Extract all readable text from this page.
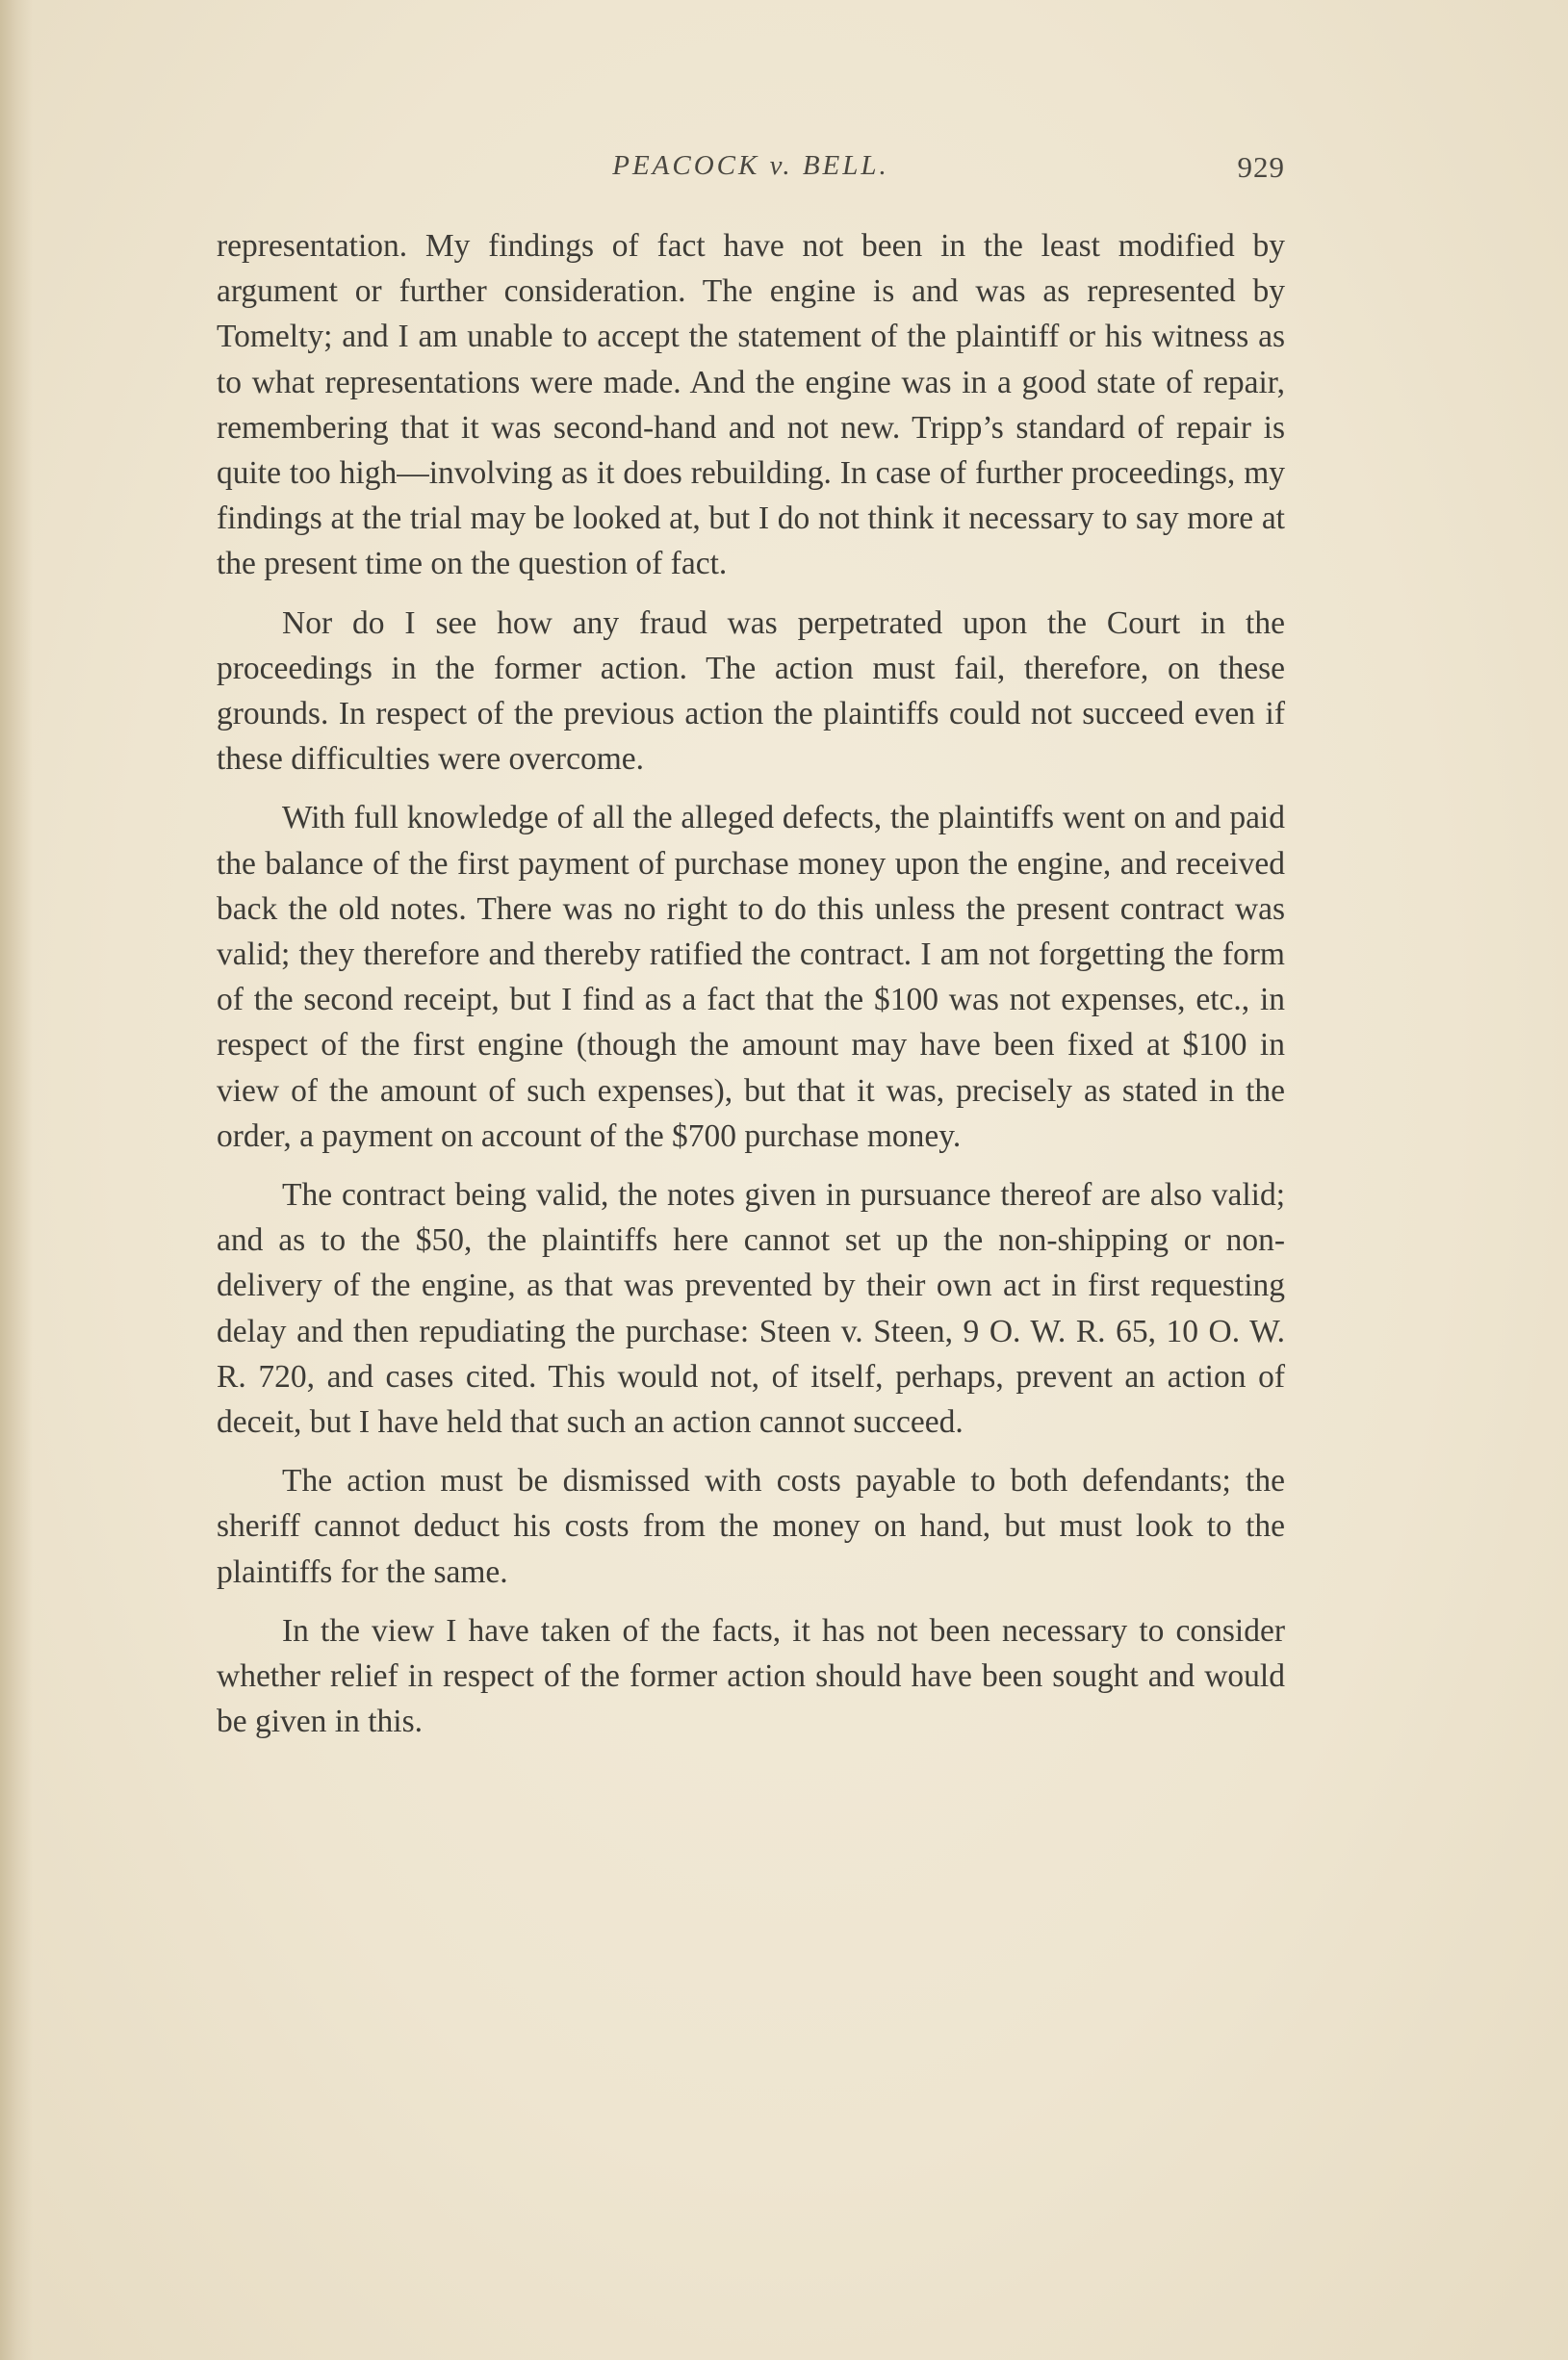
PEACOCK v. BELL.	929

representation. My findings of fact have not been in the least modified by argument or further consideration. The engine is and was as represented by Tomelty; and I am unable to accept the statement of the plaintiff or his witness as to what representations were made. And the engine was in a good state of repair, remembering that it was second-hand and not new. Tripp’s standard of repair is quite too high—involving as it does rebuilding. In case of further proceedings, my findings at the trial may be looked at, but I do not think it necessary to say more at the present time on the question of fact.

Nor do I see how any fraud was perpetrated upon the Court in the proceedings in the former action. The action must fail, therefore, on these grounds. In respect of the previous action the plaintiffs could not succeed even if these difficulties were overcome.

With full knowledge of all the alleged defects, the plaintiffs went on and paid the balance of the first payment of purchase money upon the engine, and received back the old notes. There was no right to do this unless the present contract was valid; they therefore and thereby ratified the contract. I am not forgetting the form of the second receipt, but I find as a fact that the $100 was not expenses, etc., in respect of the first engine (though the amount may have been fixed at $100 in view of the amount of such expenses), but that it was, precisely as stated in the order, a payment on account of the $700 purchase money.

The contract being valid, the notes given in pursuance thereof are also valid; and as to the $50, the plaintiffs here cannot set up the non-shipping or non-delivery of the engine, as that was prevented by their own act in first requesting delay and then repudiating the purchase: Steen v. Steen, 9 O. W. R. 65, 10 O. W. R. 720, and cases cited. This would not, of itself, perhaps, prevent an action of deceit, but I have held that such an action cannot succeed.

The action must be dismissed with costs payable to both defendants; the sheriff cannot deduct his costs from the money on hand, but must look to the plaintiffs for the same.

In the view I have taken of the facts, it has not been necessary to consider whether relief in respect of the former action should have been sought and would be given in this.
